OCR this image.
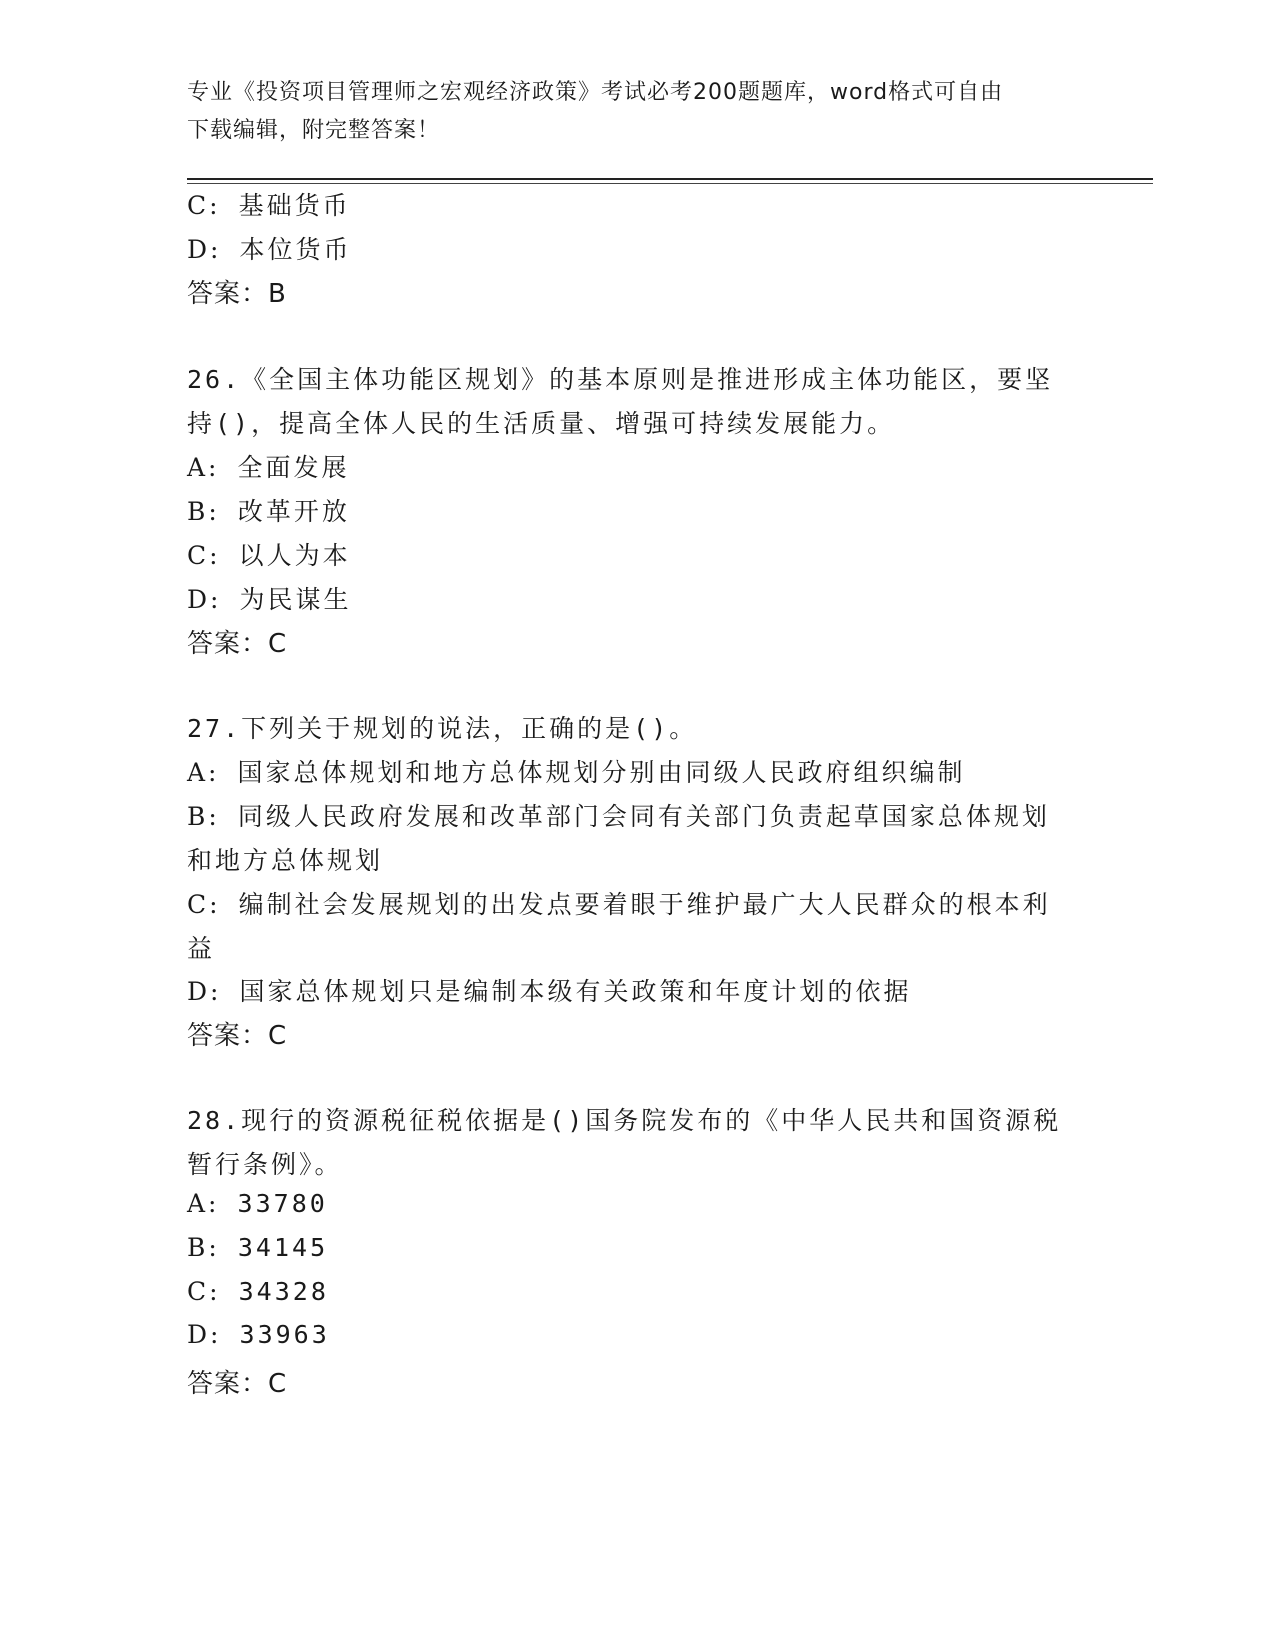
专业《投资项目管理师之宏观经济政策》考试必考200题题库，word格式可自由
下载编辑，附完整答案！
C: 基础货币
D: 本位货币
答案：B
26.《全国主体功能区规划》的基本原则是推进形成主体功能区，要坚
持()，提高全体人民的生活质量、增强可持续发展能力。
A: 全面发展
B: 改革开放
C: 以人为本
D: 为民谋生
答案：C
27.下列关于规划的说法，正确的是()。
A: 国家总体规划和地方总体规划分别由同级人民政府组织编制
B: 同级人民政府发展和改革部门会同有关部门负责起草国家总体规划
和地方总体规划
C: 编制社会发展规划的出发点要着眼于维护最广大人民群众的根本利
益
D: 国家总体规划只是编制本级有关政策和年度计划的依据
答案：C
28.现行的资源税征税依据是()国务院发布的《中华人民共和国资源税
暂行条例》。
A: 33780
B: 34145
C: 34328
D: 33963
答案：C
